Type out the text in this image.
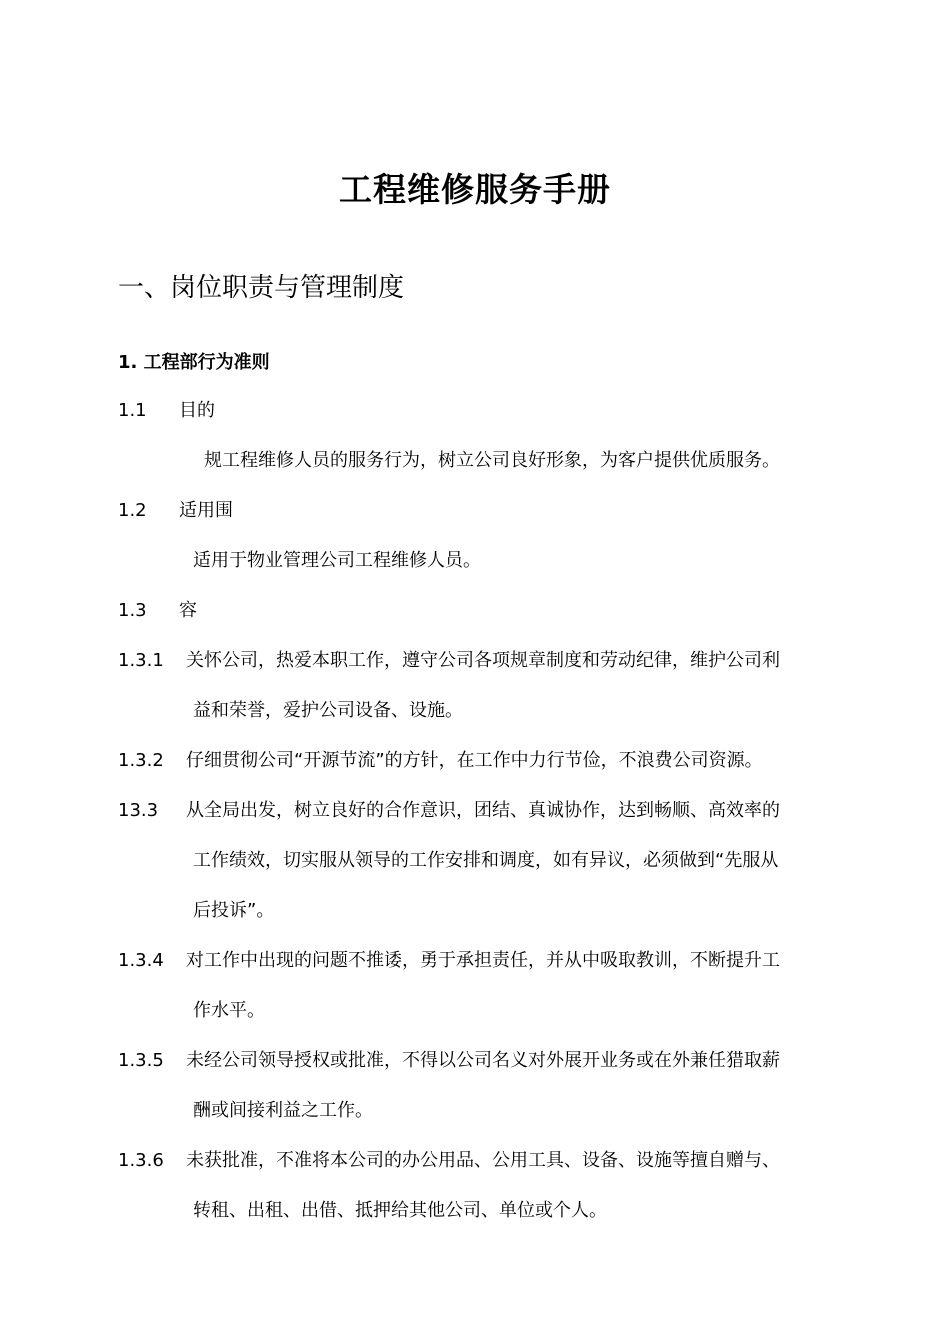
工程维修服务手册
一、岗位职责与管理制度
1. 工程部行为准则
1.1 目的
规工程维修人员的服务行为，树立公司良好形象，为客户提供优质服务。
1.2 适用围
适用于物业管理公司工程维修人员。
1.3 容
1.3.1 关怀公司，热爱本职工作，遵守公司各项规章制度和劳动纪律，维护公司利
益和荣誉，爱护公司设备、设施。
1.3.2 仔细贯彻公司“开源节流”的方针，在工作中力行节俭，不浪费公司资源。
13.3 从全局出发，树立良好的合作意识，团结、真诚协作，达到畅顺、高效率的
工作绩效，切实服从领导的工作安排和调度，如有异议，必须做到“先服从
后投诉”。
1.3.4 对工作中出现的问题不推诿，勇于承担责任，并从中吸取教训，不断提升工
作水平。
1.3.5 未经公司领导授权或批准，不得以公司名义对外展开业务或在外兼任猎取薪
酬或间接利益之工作。
1.3.6 未获批准，不准将本公司的办公用品、公用工具、设备、设施等擅自赠与、
转租、出租、出借、抵押给其他公司、单位或个人。
